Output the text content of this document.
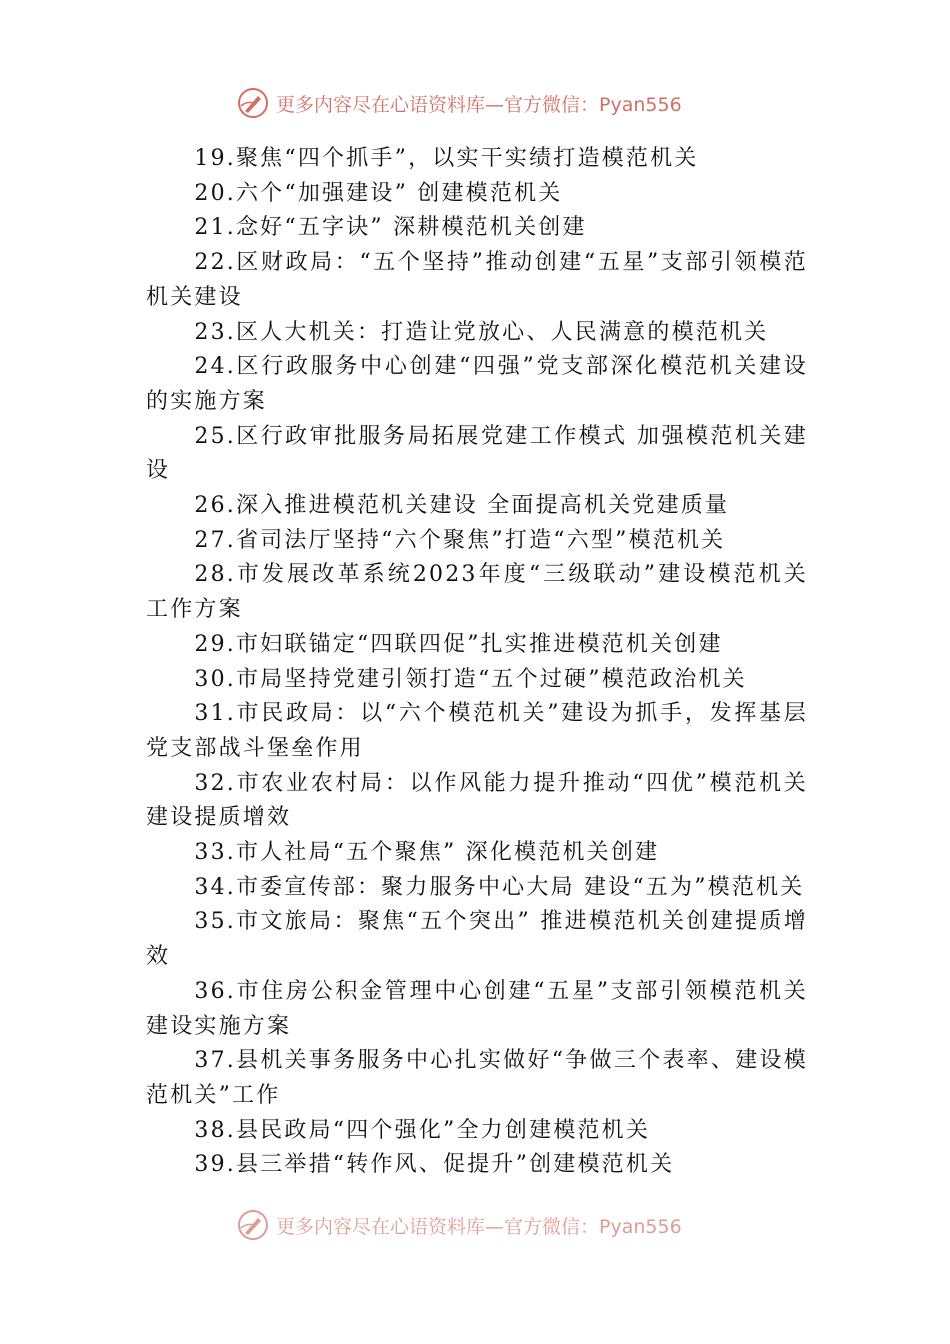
更多内容尽在心语资料库—官方微信：Pyan556

19.聚焦“四个抓手”，以实干实绩打造模范机关

20.六个“加强建设” 创建模范机关

21.念好“五字诀” 深耕模范机关创建

22.区财政局：“五个坚持”推动创建“五星”支部引领模范机关建设

23.区人大机关：打造让党放心、人民满意的模范机关

24.区行政服务中心创建“四强”党支部深化模范机关建设的实施方案

25.区行政审批服务局拓展党建工作模式 加强模范机关建设

26.深入推进模范机关建设 全面提高机关党建质量

27.省司法厅坚持“六个聚焦”打造“六型”模范机关

28.市发展改革系统2023年度“三级联动”建设模范机关工作方案

29.市妇联锚定“四联四促”扎实推进模范机关创建

30.市局坚持党建引领打造“五个过硬”模范政治机关

31.市民政局：以“六个模范机关”建设为抓手，发挥基层党支部战斗堡垒作用

32.市农业农村局：以作风能力提升推动“四优”模范机关建设提质增效

33.市人社局“五个聚焦” 深化模范机关创建

34.市委宣传部：聚力服务中心大局 建设“五为”模范机关

35.市文旅局：聚焦“五个突出” 推进模范机关创建提质增效

36.市住房公积金管理中心创建“五星”支部引领模范机关建设实施方案

37.县机关事务服务中心扎实做好“争做三个表率、建设模范机关”工作

38.县民政局“四个强化”全力创建模范机关

39.县三举措“转作风、促提升”创建模范机关

更多内容尽在心语资料库—官方微信：Pyan556
